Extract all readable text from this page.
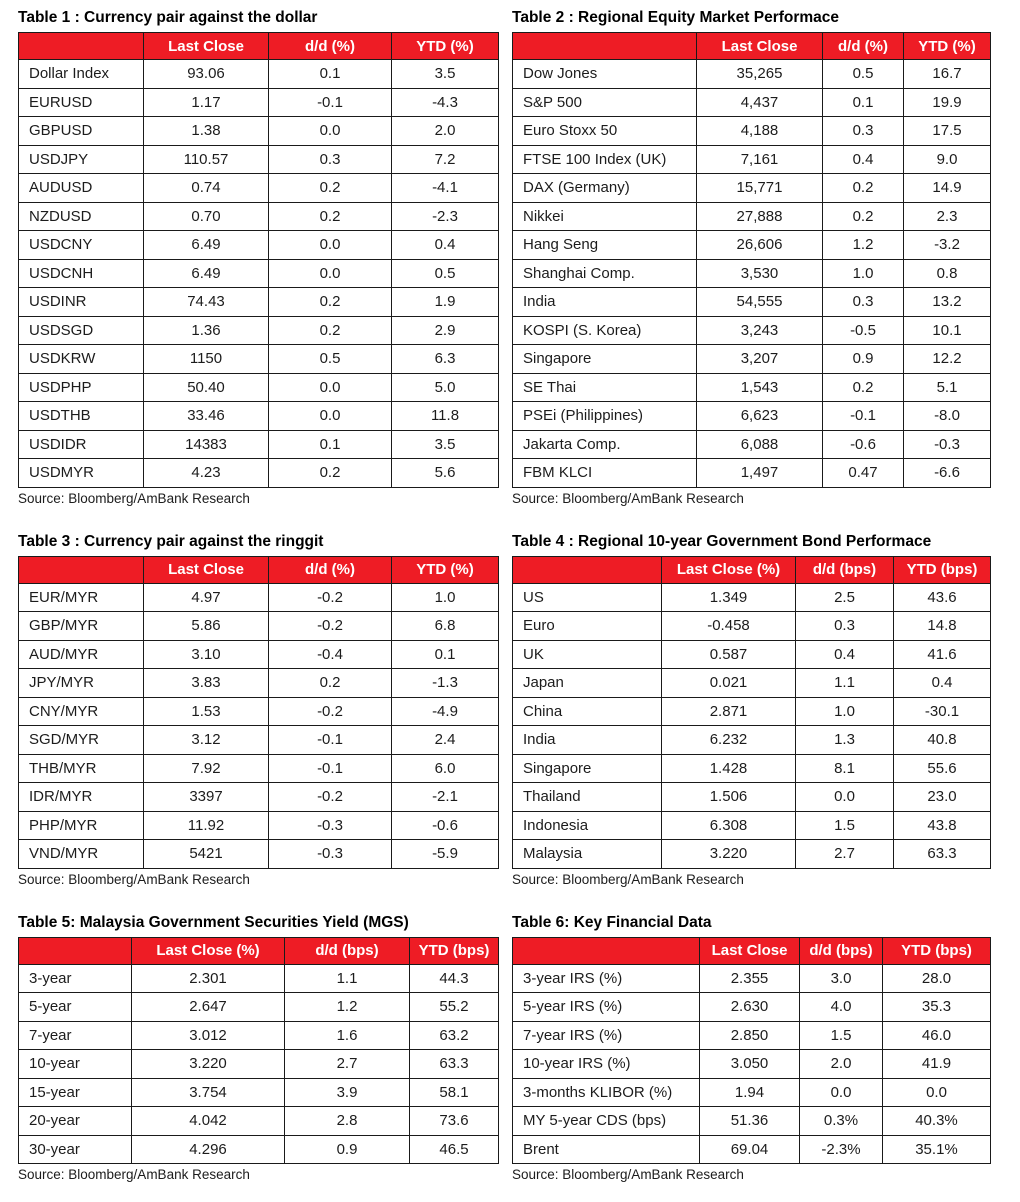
Table 1 : Currency pair against the dollar
	Last Close	d/d (%)	YTD (%)
Dollar Index	93.06	0.1	3.5
EURUSD	1.17	-0.1	-4.3
GBPUSD	1.38	0.0	2.0
USDJPY	110.57	0.3	7.2
AUDUSD	0.74	0.2	-4.1
NZDUSD	0.70	0.2	-2.3
USDCNY	6.49	0.0	0.4
USDCNH	6.49	0.0	0.5
USDINR	74.43	0.2	1.9
USDSGD	1.36	0.2	2.9
USDKRW	1150	0.5	6.3
USDPHP	50.40	0.0	5.0
USDTHB	33.46	0.0	11.8
USDIDR	14383	0.1	3.5
USDMYR	4.23	0.2	5.6
Source: Bloomberg/AmBank Research
Table 2 : Regional Equity Market Performace
	Last Close	d/d (%)	YTD (%)
Dow Jones	35,265	0.5	16.7
S&P 500	4,437	0.1	19.9
Euro Stoxx 50	4,188	0.3	17.5
FTSE 100 Index (UK)	7,161	0.4	9.0
DAX (Germany)	15,771	0.2	14.9
Nikkei	27,888	0.2	2.3
Hang Seng	26,606	1.2	-3.2
Shanghai Comp.	3,530	1.0	0.8
India	54,555	0.3	13.2
KOSPI (S. Korea)	3,243	-0.5	10.1
Singapore	3,207	0.9	12.2
SE Thai	1,543	0.2	5.1
PSEi (Philippines)	6,623	-0.1	-8.0
Jakarta Comp.	6,088	-0.6	-0.3
FBM KLCI	1,497	0.47	-6.6
Source: Bloomberg/AmBank Research
Table 3 : Currency pair against the ringgit
	Last Close	d/d (%)	YTD (%)
EUR/MYR	4.97	-0.2	1.0
GBP/MYR	5.86	-0.2	6.8
AUD/MYR	3.10	-0.4	0.1
JPY/MYR	3.83	0.2	-1.3
CNY/MYR	1.53	-0.2	-4.9
SGD/MYR	3.12	-0.1	2.4
THB/MYR	7.92	-0.1	6.0
IDR/MYR	3397	-0.2	-2.1
PHP/MYR	11.92	-0.3	-0.6
VND/MYR	5421	-0.3	-5.9
Source: Bloomberg/AmBank Research
Table 4 : Regional 10-year Government Bond Performace
	Last Close (%)	d/d (bps)	YTD (bps)
US	1.349	2.5	43.6
Euro	-0.458	0.3	14.8
UK	0.587	0.4	41.6
Japan	0.021	1.1	0.4
China	2.871	1.0	-30.1
India	6.232	1.3	40.8
Singapore	1.428	8.1	55.6
Thailand	1.506	0.0	23.0
Indonesia	6.308	1.5	43.8
Malaysia	3.220	2.7	63.3
Source: Bloomberg/AmBank Research
Table 5: Malaysia Government Securities Yield (MGS)
	Last Close (%)	d/d (bps)	YTD (bps)
3-year	2.301	1.1	44.3
5-year	2.647	1.2	55.2
7-year	3.012	1.6	63.2
10-year	3.220	2.7	63.3
15-year	3.754	3.9	58.1
20-year	4.042	2.8	73.6
30-year	4.296	0.9	46.5
Source: Bloomberg/AmBank Research
Table 6: Key Financial Data
	Last Close	d/d (bps)	YTD (bps)
3-year IRS (%)	2.355	3.0	28.0
5-year IRS (%)	2.630	4.0	35.3
7-year IRS (%)	2.850	1.5	46.0
10-year IRS (%)	3.050	2.0	41.9
3-months KLIBOR (%)	1.94	0.0	0.0
MY 5-year CDS (bps)	51.36	0.3%	40.3%
Brent	69.04	-2.3%	35.1%
Source: Bloomberg/AmBank Research
